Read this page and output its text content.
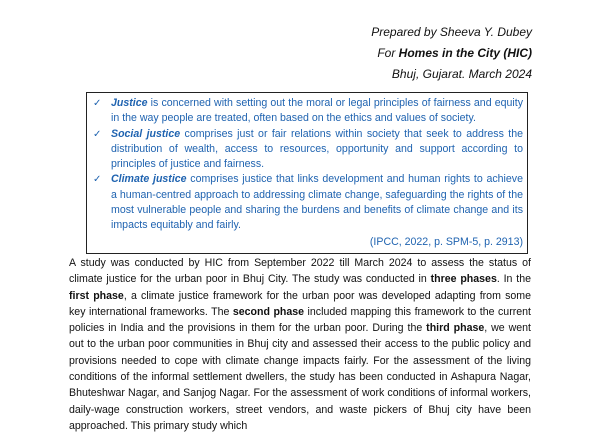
Prepared by Sheeva Y. Dubey
For Homes in the City (HIC)
Bhuj, Gujarat. March 2024
✓ Justice is concerned with setting out the moral or legal principles of fairness and equity in the way people are treated, often based on the ethics and values of society.
✓ Social justice comprises just or fair relations within society that seek to address the distribution of wealth, access to resources, opportunity and support according to principles of justice and fairness.
✓ Climate justice comprises justice that links development and human rights to achieve a human-centred approach to addressing climate change, safeguarding the rights of the most vulnerable people and sharing the burdens and benefits of climate change and its impacts equitably and fairly.
(IPCC, 2022, p. SPM-5, p. 2913)
A study was conducted by HIC from September 2022 till March 2024 to assess the status of climate justice for the urban poor in Bhuj City. The study was conducted in three phases. In the first phase, a climate justice framework for the urban poor was developed adapting from some key international frameworks. The second phase included mapping this framework to the current policies in India and the provisions in them for the urban poor. During the third phase, we went out to the urban poor communities in Bhuj city and assessed their access to the public policy and provisions needed to cope with climate change impacts fairly. For the assessment of the living conditions of the informal settlement dwellers, the study has been conducted in Ashapura Nagar, Bhuteshwar Nagar, and Sanjog Nagar. For the assessment of work conditions of informal workers, daily-wage construction workers, street vendors, and waste pickers of Bhuj city have been approached. This primary study which
